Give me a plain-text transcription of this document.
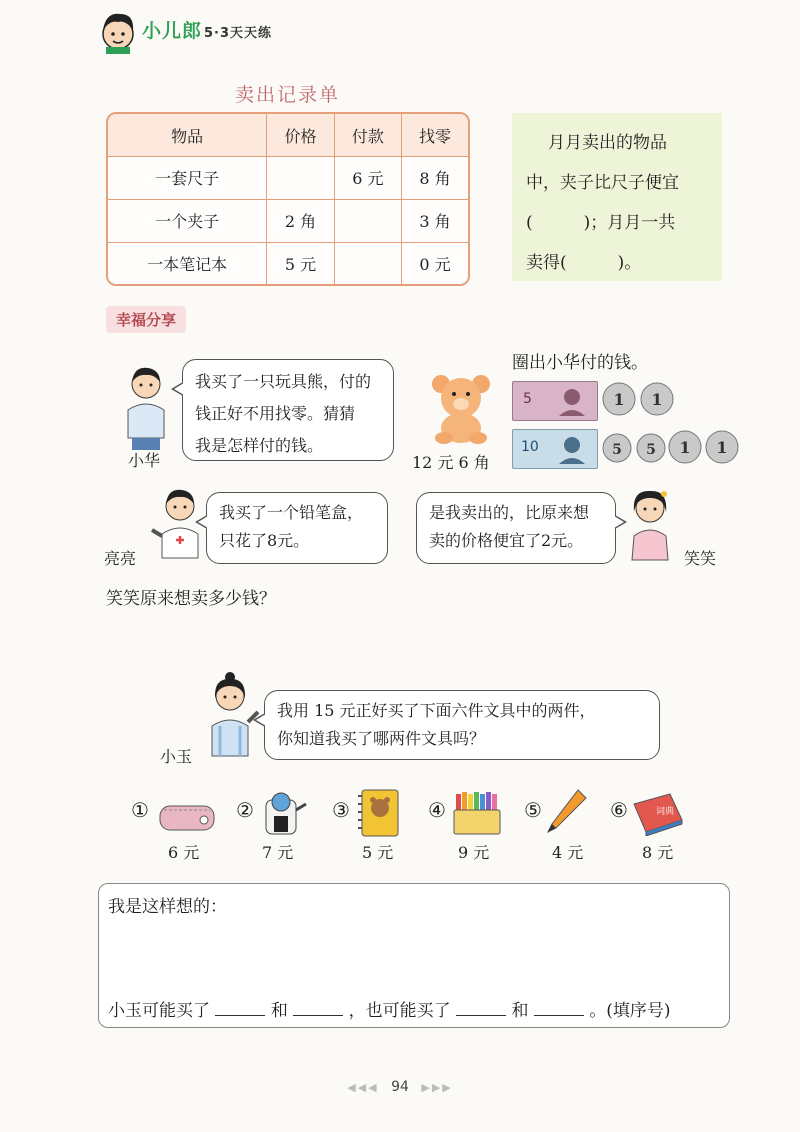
小儿郎 5·3天天练
卖出记录单
物品	价格	付款	找零
一套尺子		6 元	8 角
一个夹子	2 角		3 角
一本笔记本	5 元		0 元
月月卖出的物品
中，夹子比尺子便宜
(　　　)；月月一共
卖得(　　　)。
幸福分享
小华
我买了一只玩具熊，付的
钱正好不用找零。猜猜
我是怎样付的钱。
12 元 6 角
圈出小华付的钱。
5	1 1
10	5 5 1 1
亮亮
我买了一个铅笔盒，
只花了8元。
是我卖出的，比原来想
卖的价格便宜了2元。
笑笑
笑笑原来想卖多少钱？
小玉
我用 15 元正好买了下面六件文具中的两件，
你知道我买了哪两件文具吗？
①
6 元
②
7 元
③
5 元
④
9 元
⑤
4 元
⑥	词典
8 元
我是这样想的：
小玉可能买了	和	，也可能买了	和	。(填序号)
◀◀◀ 94 ▶▶▶
